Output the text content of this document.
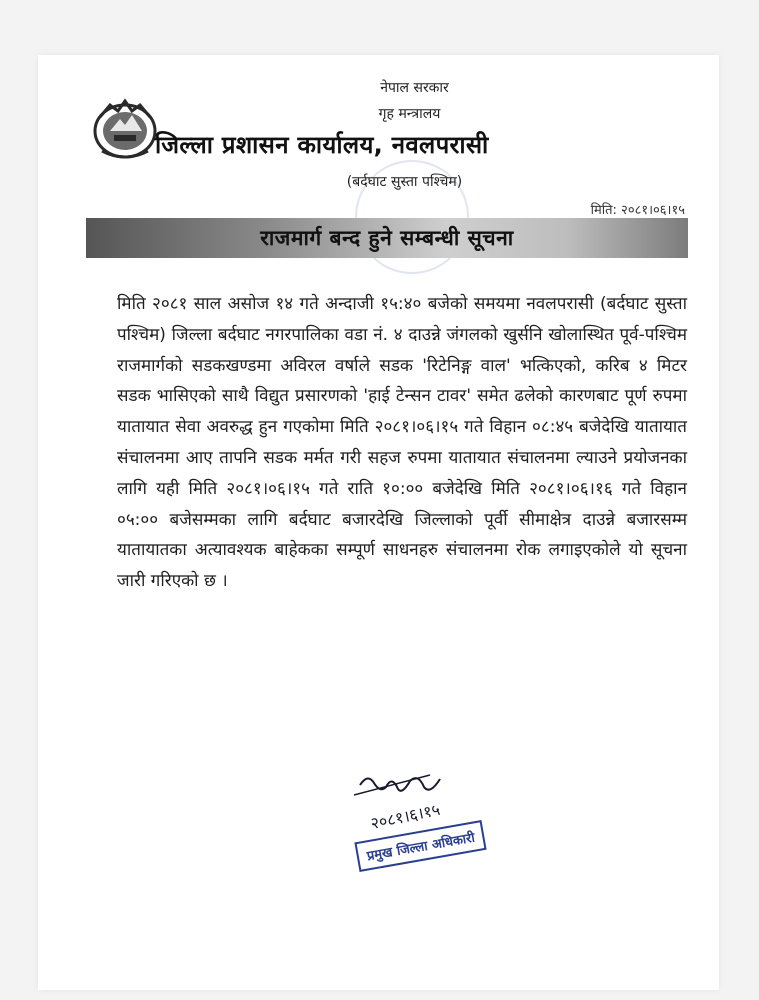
नेपाल सरकार
गृह मन्त्रालय
जिल्ला प्रशासन कार्यालय, नवलपरासी
(बर्दघाट सुस्ता पश्चिम)
मिति: २०८१।०६।१५
राजमार्ग बन्द हुने सम्बन्धी सूचना
मिति २०८१ साल असोज १४ गते अन्दाजी १५:४० बजेको समयमा नवलपरासी (बर्दघाट सुस्ता पश्चिम) जिल्ला बर्दघाट नगरपालिका वडा नं. ४ दाउन्ने जंगलको खुर्सनि खोलास्थित पूर्व-पश्चिम राजमार्गको सडकखण्डमा अविरल वर्षाले सडक 'रिटेनिङ्ग वाल' भत्किएको, करिब ४ मिटर सडक भासिएको साथै विद्युत प्रसारणको 'हाई टेन्सन टावर' समेत ढलेको कारणबाट पूर्ण रुपमा यातायात सेवा अवरुद्ध हुन गएकोमा मिति २०८१।०६।१५ गते विहान ०८:४५ बजेदेखि यातायात संचालनमा आए तापनि सडक मर्मत गरी सहज रुपमा यातायात संचालनमा ल्याउने प्रयोजनका लागि यही मिति २०८१।०६।१५ गते राति १०:०० बजेदेखि मिति २०८१।०६।१६ गते विहान ०५:०० बजेसम्मका लागि बर्दघाट बजारदेखि जिल्लाको पूर्वी सीमाक्षेत्र दाउन्ने बजारसम्म यातायातका अत्यावश्यक बाहेकका सम्पूर्ण साधनहरु संचालनमा रोक लगाइएकोले यो सूचना जारी गरिएको छ ।
२०८१।६।१५
प्रमुख जिल्ला अधिकारी
